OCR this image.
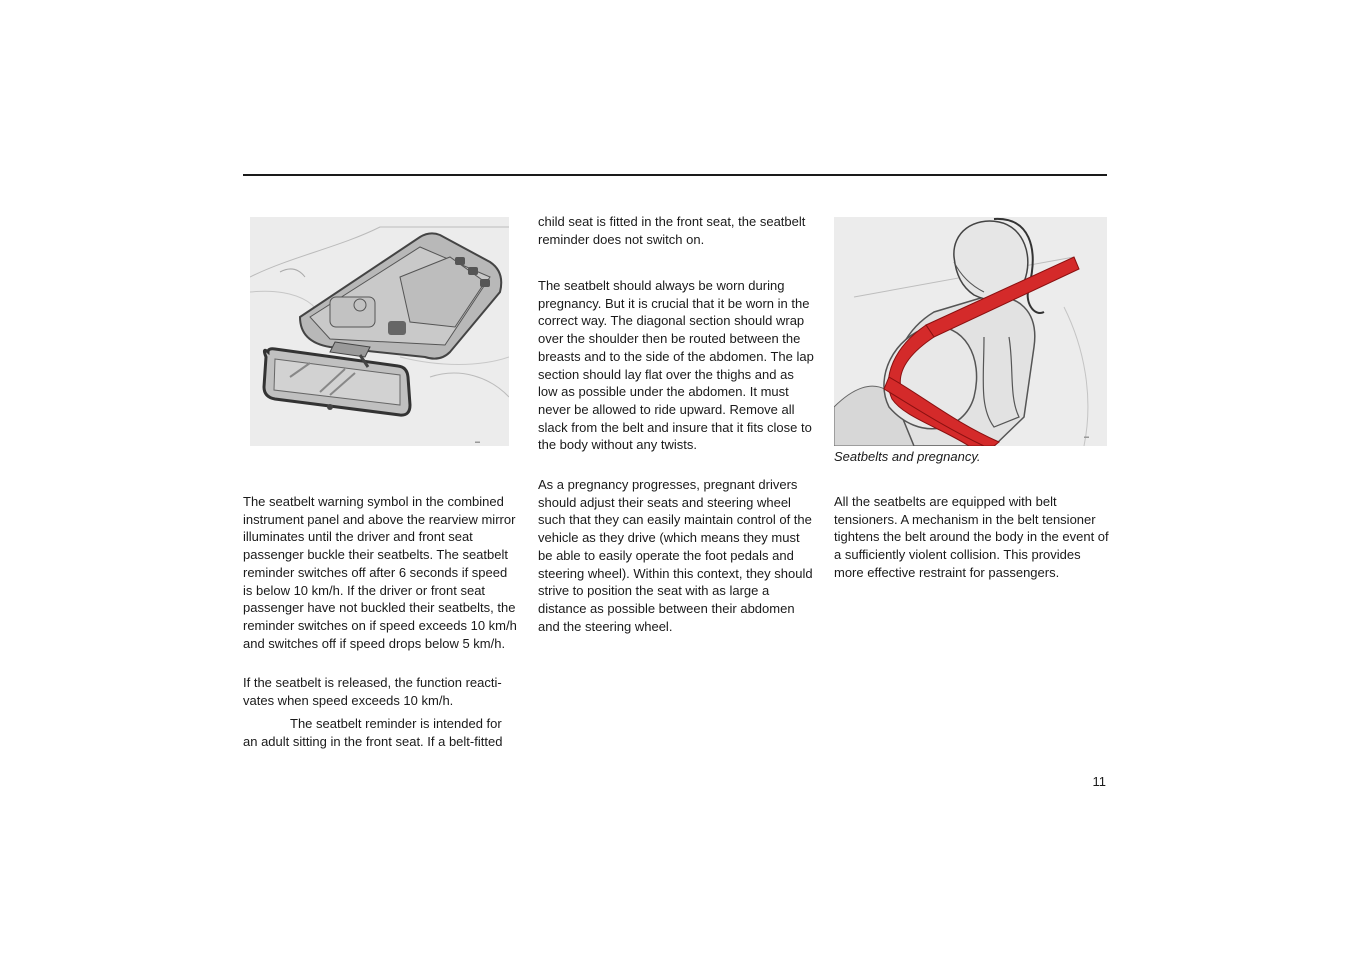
▬
▬

Seatbelts and pregnancy.

The seatbelt warning symbol in the combined instrument panel and above the rearview mirror illuminates until the driver and front seat passenger buckle their seatbelts. The seatbelt reminder switches off after 6 seconds if speed is below 10 km/h. If the driver or front seat passenger have not buckled their seatbelts, the reminder switches on if speed exceeds 10 km/h and switches off if speed drops below 5 km/h.

If the seatbelt is released, the function reacti-vates when speed exceeds 10 km/h.

The seatbelt reminder is intended for an adult sitting in the front seat. If a belt-fitted

child seat is fitted in the front seat, the seatbelt reminder does not switch on.

The seatbelt should always be worn during pregnancy. But it is crucial that it be worn in the correct way. The diagonal section should wrap over the shoulder then be routed between the breasts and to the side of the abdomen. The lap section should lay flat over the thighs and as low as possible under the abdomen. It must never be allowed to ride upward. Remove all slack from the belt and insure that it fits close to the body without any twists.

As a pregnancy progresses, pregnant drivers should adjust their seats and steering wheel such that they can easily maintain control of the vehicle as they drive (which means they must be able to easily operate the foot pedals and steering wheel). Within this context, they should strive to position the seat with as large a distance as possible between their abdomen and the steering wheel.

All the seatbelts are equipped with belt tensioners. A mechanism in the belt tensioner tightens the belt around the body in the event of a sufficiently violent collision. This provides more effective restraint for passengers.

11
